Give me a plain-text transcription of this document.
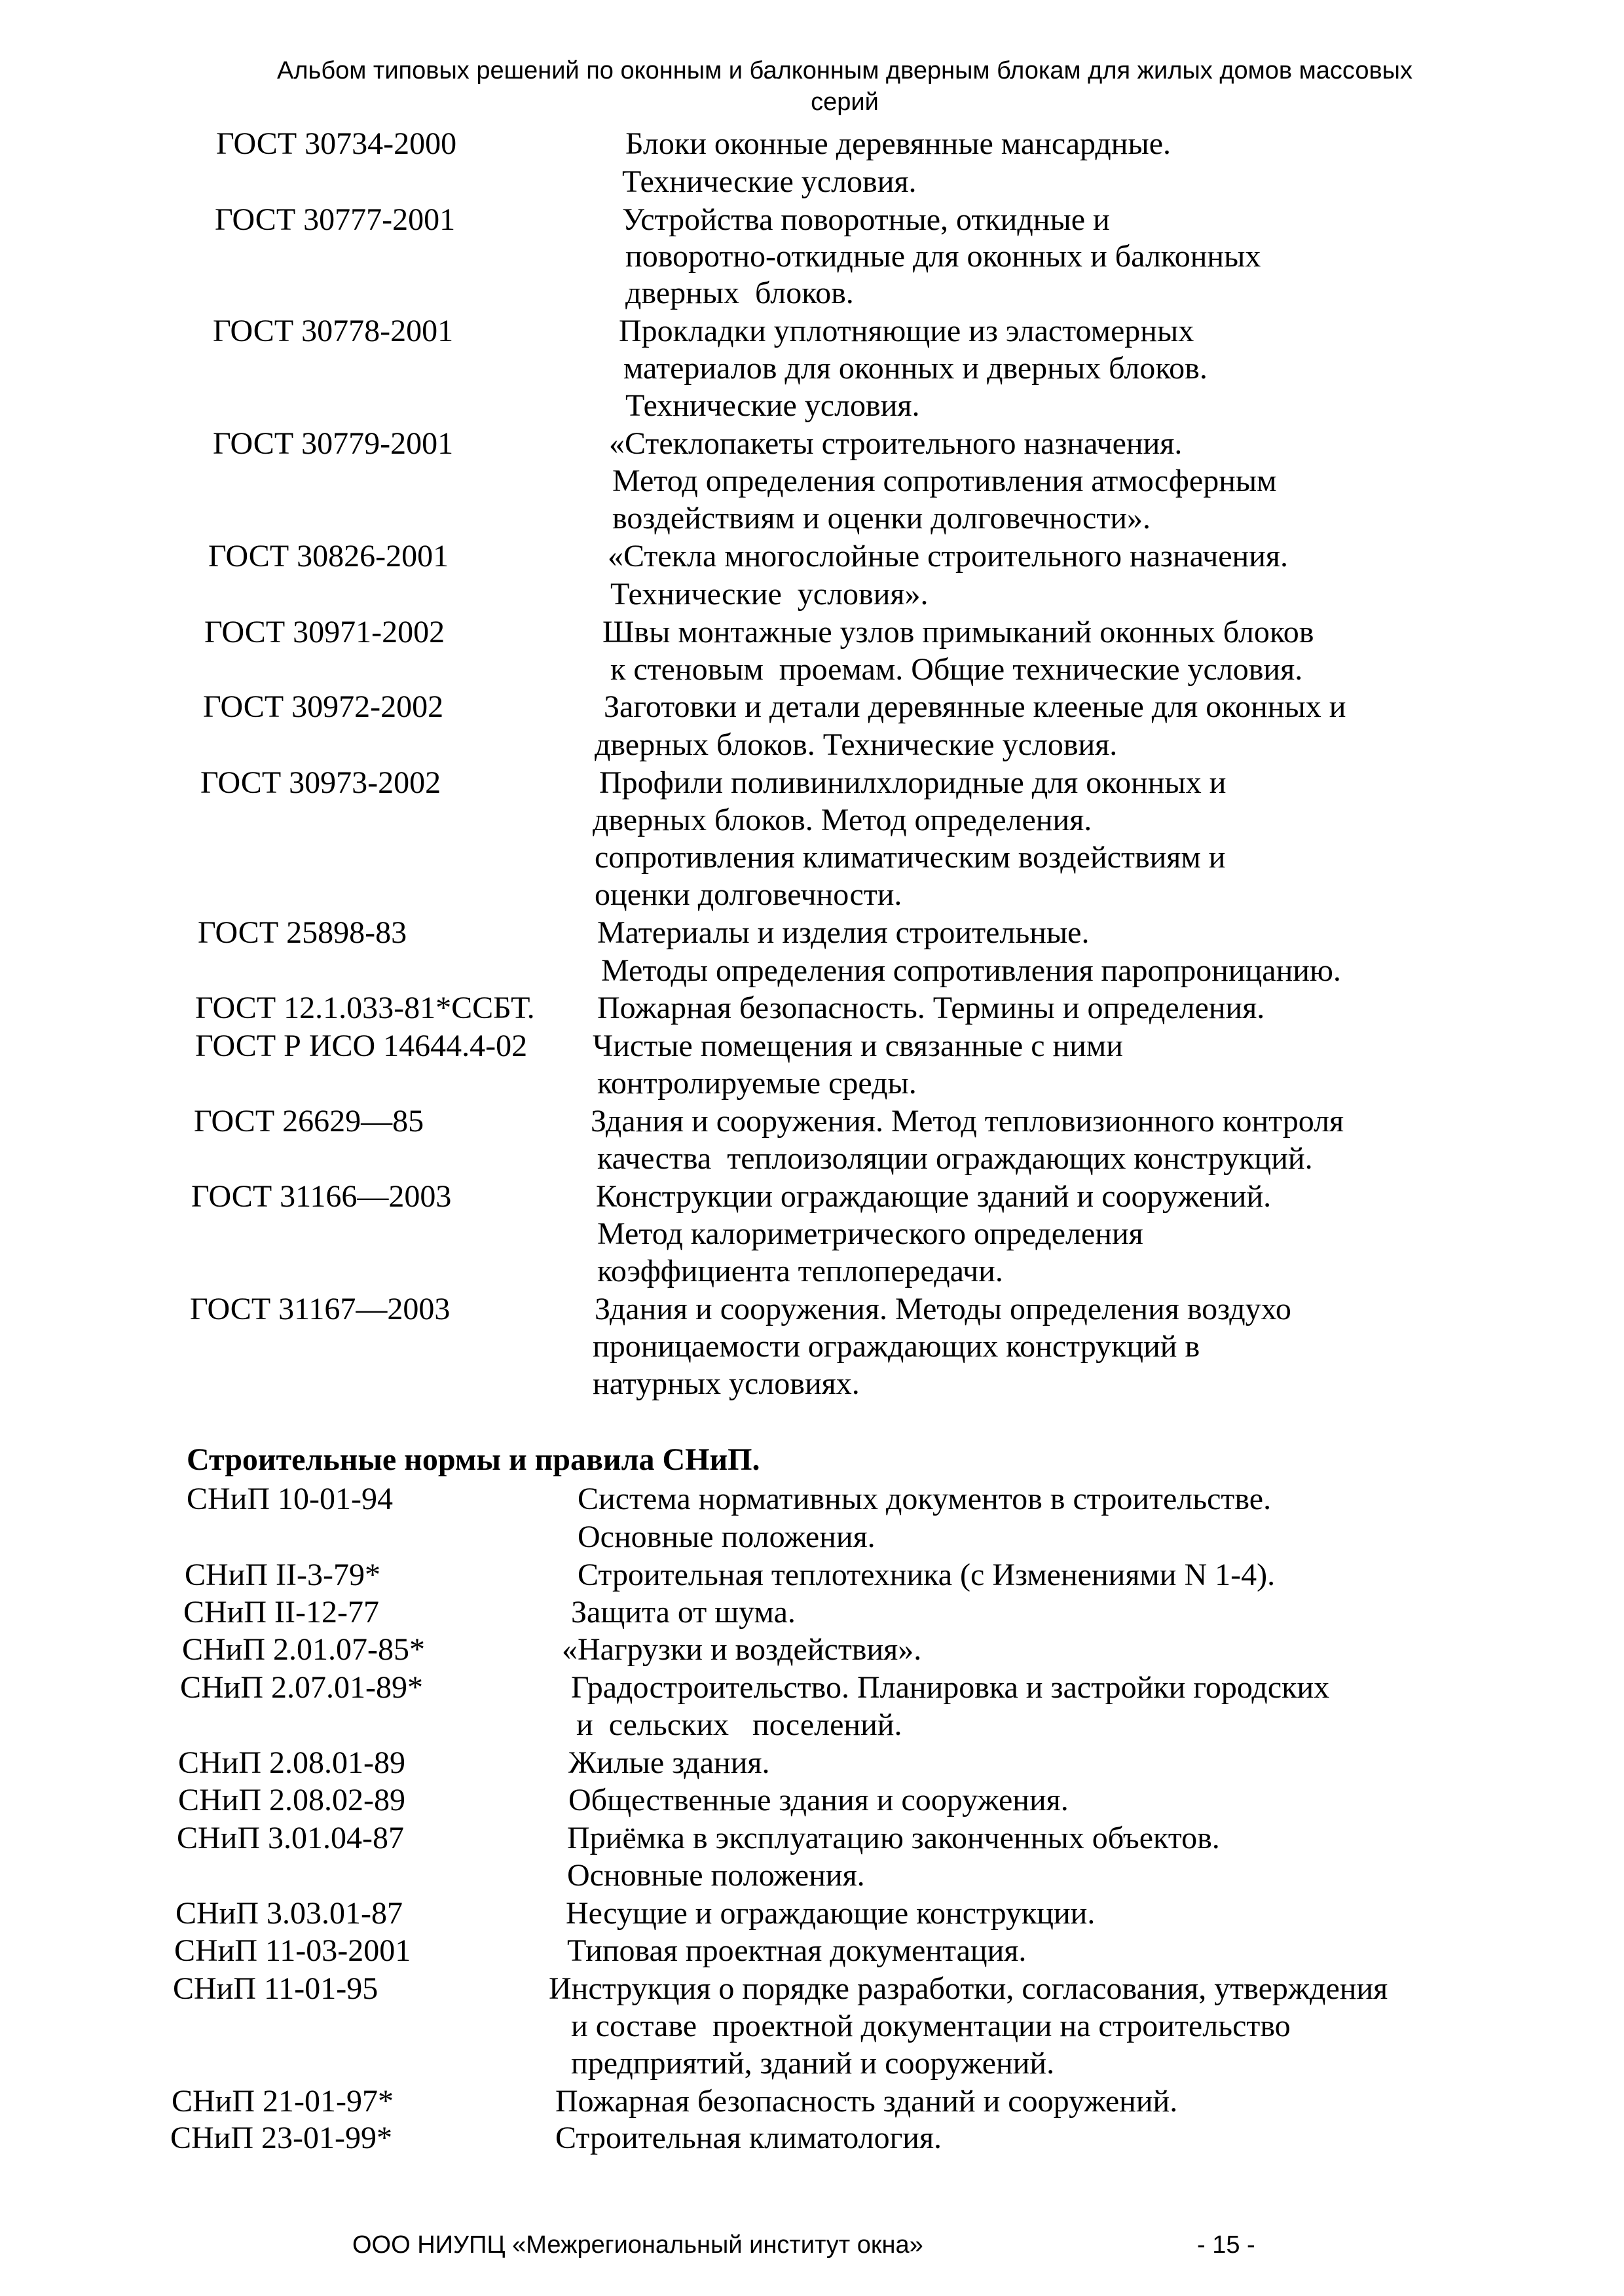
Альбом типовых решений по оконным и балконным дверным блокам для жилых домов массовых
серий
ГОСТ 30734-2000	Блоки оконные деревянные мансардные.
Технические условия.
ГОСТ 30777-2001	Устройства поворотные, откидные и
поворотно-откидные для оконных и балконных
дверных  блоков.
ГОСТ 30778-2001	Прокладки уплотняющие из эластомерных
материалов для оконных и дверных блоков.
Технические условия.
ГОСТ 30779-2001	«Стеклопакеты строительного назначения.
Метод определения сопротивления атмосферным
воздействиям и оценки долговечности».
ГОСТ 30826-2001	«Стекла многослойные строительного назначения.
Технические  условия».
ГОСТ 30971-2002	Швы монтажные узлов примыканий оконных блоков
к стеновым  проемам. Общие технические условия.
ГОСТ 30972-2002	Заготовки и детали деревянные клееные для оконных и
дверных блоков. Технические условия.
ГОСТ 30973-2002	Профили поливинилхлоридные для оконных и
дверных блоков. Метод определения.
сопротивления климатическим воздействиям и
оценки долговечности.
ГОСТ 25898-83	Материалы и изделия строительные.
Методы определения сопротивления паропроницанию.
ГОСТ 12.1.033-81*ССБТ. Пожарная безопасность. Термины и определения.
ГОСТ Р ИСО 14644.4-02 Чистые помещения и связанные с ними
контролируемые среды.
ГОСТ 26629—85	Здания и сооружения. Метод тепловизионного контроля
качества  теплоизоляции ограждающих конструкций.
ГОСТ 31166—2003	Конструкции ограждающие зданий и сооружений.
Метод калориметрического определения
коэффициента теплопередачи.
ГОСТ 31167—2003	Здания и сооружения. Методы определения воздухо
проницаемости ограждающих конструкций в
натурных условиях.
Строительные нормы и правила СНиП.
СНиП 10-01-94	Система нормативных документов в строительстве.
Основные положения.
СНиП II-3-79*	Строительная теплотехника (с Изменениями N 1-4).
СНиП II-12-77	Защита от шума.
СНиП 2.01.07-85*	«Нагрузки и воздействия».
СНиП 2.07.01-89*	Градостроительство. Планировка и застройки городских
и  сельских   поселений.
СНиП 2.08.01-89	Жилые здания.
СНиП 2.08.02-89	Общественные здания и сооружения.
СНиП 3.01.04-87	Приёмка в эксплуатацию законченных объектов.
Основные положения.
СНиП 3.03.01-87	Несущие и ограждающие конструкции.
СНиП 11-03-2001	Типовая проектная документация.
СНиП 11-01-95	Инструкция о порядке разработки, согласования, утверждения
и составе  проектной документации на строительство
предприятий, зданий и сооружений.
СНиП 21-01-97*	Пожарная безопасность зданий и сооружений.
СНиП 23-01-99*	Строительная климатология.
ООО НИУПЦ «Межрегиональный институт окна»	- 15 -
